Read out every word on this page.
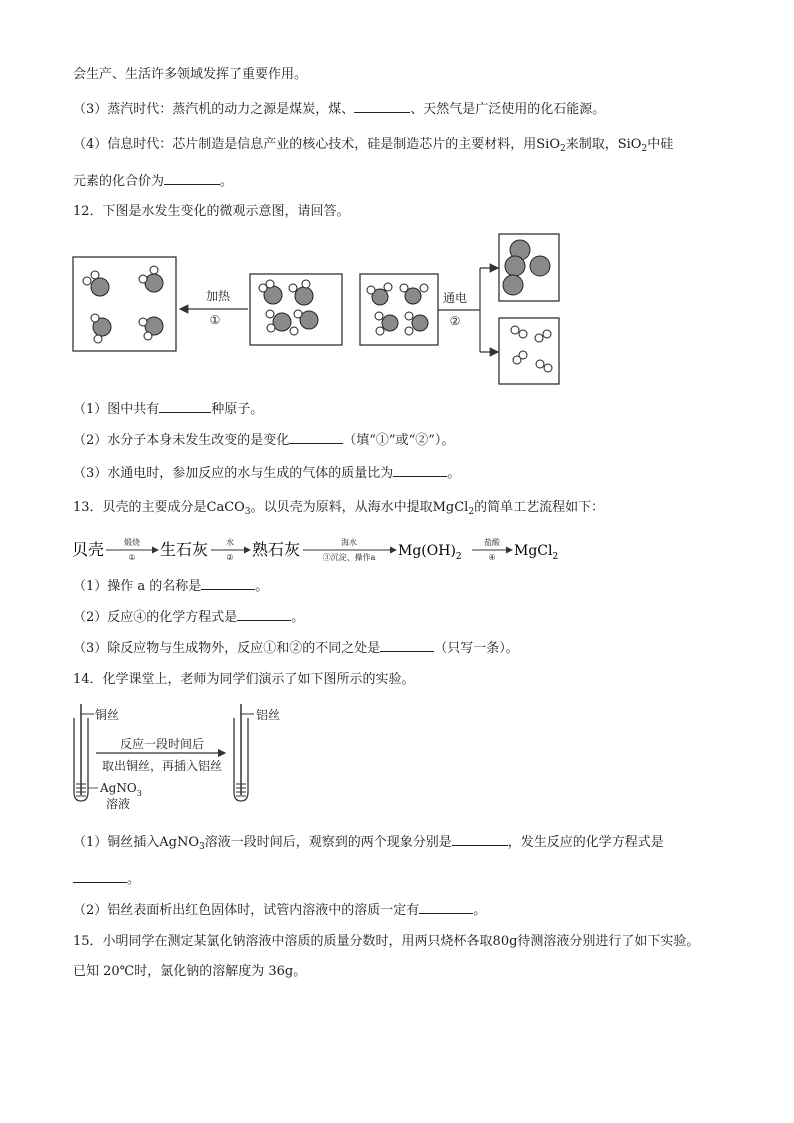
会生产、生活许多领域发挥了重要作用。
（3）蒸汽时代：蒸汽机的动力之源是煤炭，煤、	、天然气是广泛使用的化石能源。
（4）信息时代：芯片制造是信息产业的核心技术，硅是制造芯片的主要材料，用SiO$_2$来制取，SiO$_2$中硅
元素的化合价为	。
12．下图是水发生变化的微观示意图，请回答。
加热
①
通电
②
（1）图中共有	种原子。
（2）水分子本身未发生改变的是变化	（填“①”或“②”）。
（3）水通电时，参加反应的水与生成的气体的质量比为	。
13．贝壳的主要成分是CaCO$_3$。以贝壳为原料，从海水中提取MgCl$_2$的简单工艺流程如下：
贝壳 煅烧
① 生石灰 水
② 熟石灰	海水
③沉淀、操作a $Mg(OH)_2$
盐酸
④ MgCl$_2$
（1）操作 a 的名称是	。
（2）反应④的化学方程式是	。
（3）除反应物与生成物外，反应①和②的不同之处是	（只写一条）。
14．化学课堂上，老师为同学们演示了如下图所示的实验。
铜丝
AgNO$_3$
溶液
反应一段时间后
取出铜丝，再插入铝丝
铝丝
（1）铜丝插入AgNO$_3$溶液一段时间后，观察到的两个现象分别是	，发生反应的化学方程式是
。
（2）铝丝表面析出红色固体时，试管内溶液中的溶质一定有	。
15．小明同学在测定某氯化钠溶液中溶质的质量分数时，用两只烧杯各取80g待测溶液分别进行了如下实验。
已知 20℃时，氯化钠的溶解度为 36g。
